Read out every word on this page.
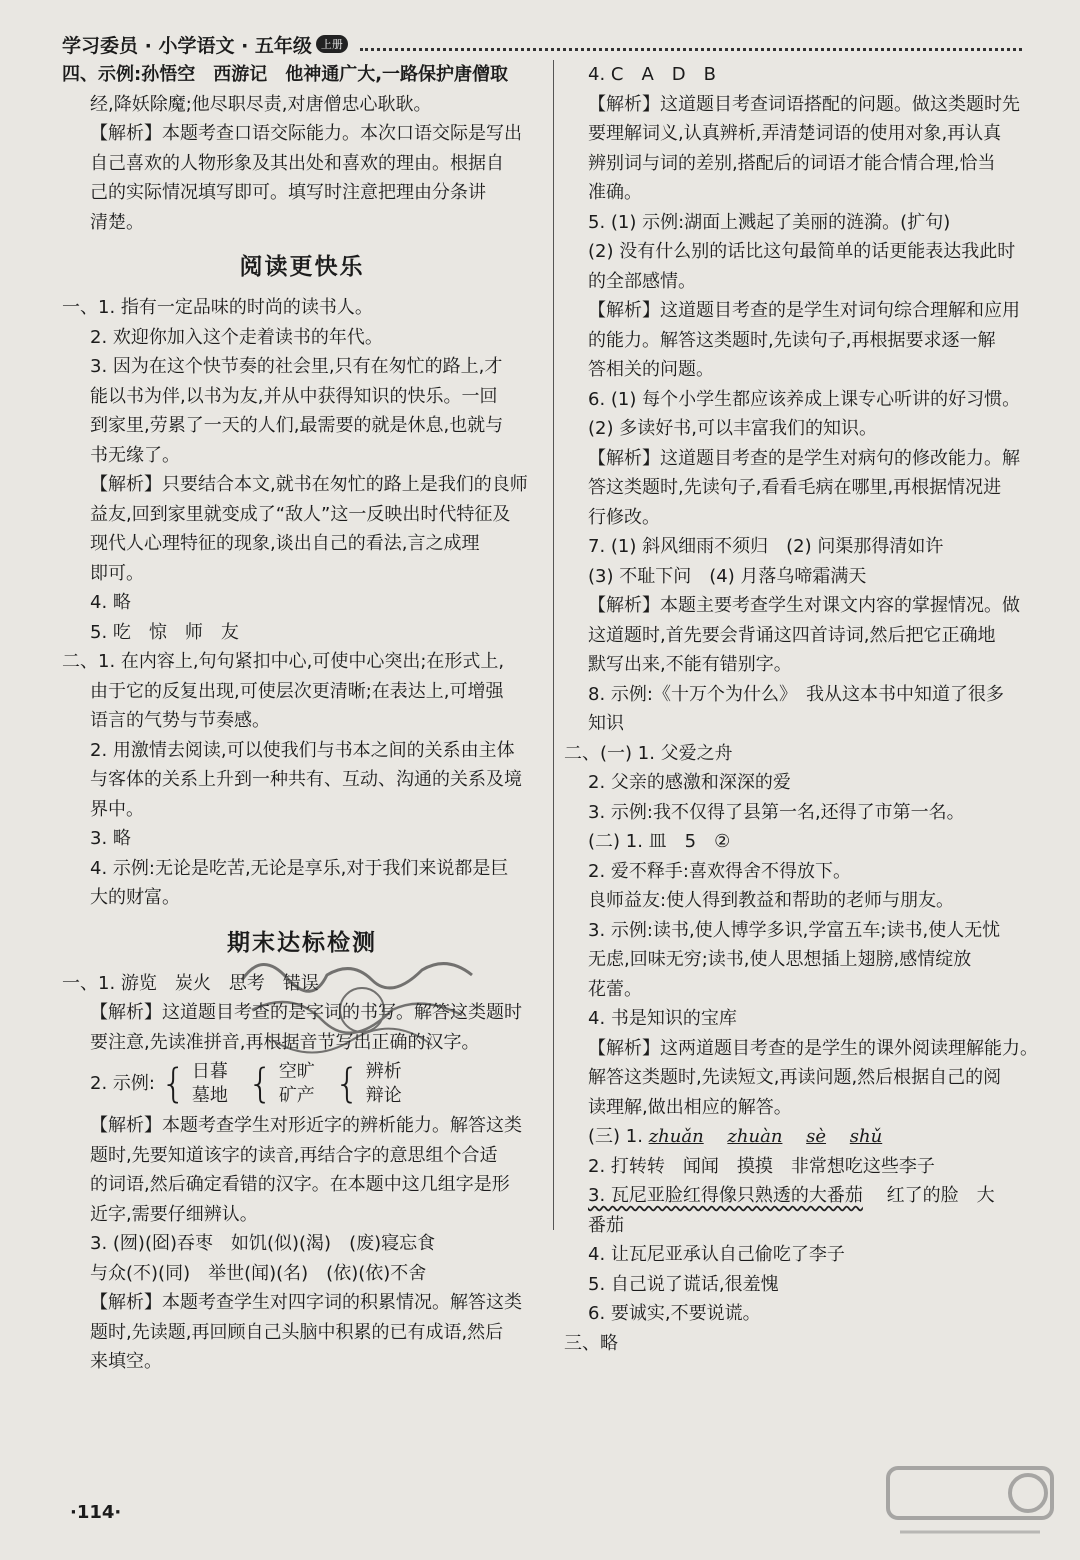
学习委员 · 小学语文 · 五年级 上册
四、示例:孙悟空　西游记　他神通广大,一路保护唐僧取
经,降妖除魔;他尽职尽责,对唐僧忠心耿耿。
【解析】本题考查口语交际能力。本次口语交际是写出
自己喜欢的人物形象及其出处和喜欢的理由。根据自
己的实际情况填写即可。填写时注意把理由分条讲
清楚。
阅读更快乐
一、1. 指有一定品味的时尚的读书人。
2. 欢迎你加入这个走着读书的年代。
3. 因为在这个快节奏的社会里,只有在匆忙的路上,才
能以书为伴,以书为友,并从中获得知识的快乐。一回
到家里,劳累了一天的人们,最需要的就是休息,也就与
书无缘了。
【解析】只要结合本文,就书在匆忙的路上是我们的良师
益友,回到家里就变成了“敌人”这一反映出时代特征及
现代人心理特征的现象,谈出自己的看法,言之成理
即可。
4. 略
5. 吃　惊　师　友
二、1. 在内容上,句句紧扣中心,可使中心突出;在形式上,
由于它的反复出现,可使层次更清晰;在表达上,可增强
语言的气势与节奏感。
2. 用激情去阅读,可以使我们与书本之间的关系由主体
与客体的关系上升到一种共有、互动、沟通的关系及境
界中。
3. 略
4. 示例:无论是吃苦,无论是享乐,对于我们来说都是巨
大的财富。
期末达标检测
一、1. 游览　炭火　思考　错误
【解析】这道题目考查的是字词的书写。解答这类题时
要注意,先读准拼音,再根据音节写出正确的汉字。
2. 示例: { 日暮
墓地 { 空旷
矿产 { 辨析
辩论
【解析】本题考查学生对形近字的辨析能力。解答这类
题时,先要知道该字的读音,再结合字的意思组个合适
的词语,然后确定看错的汉字。在本题中这几组字是形
近字,需要仔细辨认。
3. (囫)(囵)吞枣　如饥(似)(渴)　(废)寝忘食
与众(不)(同)　举世(闻)(名)　(依)(依)不舍
【解析】本题考查学生对四字词的积累情况。解答这类
题时,先读题,再回顾自己头脑中积累的已有成语,然后
来填空。
4. C　A　D　B
【解析】这道题目考查词语搭配的问题。做这类题时先
要理解词义,认真辨析,弄清楚词语的使用对象,再认真
辨别词与词的差别,搭配后的词语才能合情合理,恰当
准确。
5. (1) 示例:湖面上溅起了美丽的涟漪。(扩句)
(2) 没有什么别的话比这句最简单的话更能表达我此时
的全部感情。
【解析】这道题目考查的是学生对词句综合理解和应用
的能力。解答这类题时,先读句子,再根据要求逐一解
答相关的问题。
6. (1) 每个小学生都应该养成上课专心听讲的好习惯。
(2) 多读好书,可以丰富我们的知识。
【解析】这道题目考查的是学生对病句的修改能力。解
答这类题时,先读句子,看看毛病在哪里,再根据情况进
行修改。
7. (1) 斜风细雨不须归　(2) 问渠那得清如许
(3) 不耻下问　(4) 月落乌啼霜满天
【解析】本题主要考查学生对课文内容的掌握情况。做
这道题时,首先要会背诵这四首诗词,然后把它正确地
默写出来,不能有错别字。
8. 示例:《十万个为什么》　我从这本书中知道了很多
知识
二、(一) 1. 父爱之舟
2. 父亲的感激和深深的爱
3. 示例:我不仅得了县第一名,还得了市第一名。
(二) 1. 皿　5　②
2. 爱不释手:喜欢得舍不得放下。
良师益友:使人得到教益和帮助的老师与朋友。
3. 示例:读书,使人博学多识,学富五车;读书,使人无忧
无虑,回味无穷;读书,使人思想插上翅膀,感情绽放
花蕾。
4. 书是知识的宝库
【解析】这两道题目考查的是学生的课外阅读理解能力。
解答这类题时,先读短文,再读问题,然后根据自己的阅
读理解,做出相应的解答。
(三) 1. zhuǎn zhuàn sè shǔ
2. 打转转　闻闻　摸摸　非常想吃这些李子
3. 瓦尼亚脸红得像只熟透的大番茄 红了的脸　大
番茄
4. 让瓦尼亚承认自己偷吃了李子
5. 自己说了谎话,很羞愧
6. 要诚实,不要说谎。
三、略
·114·
